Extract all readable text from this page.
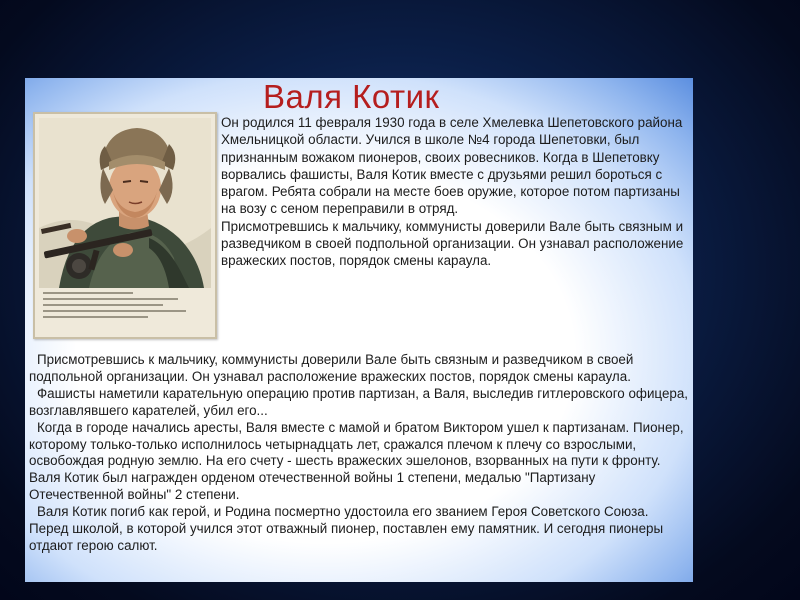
Валя Котик

Он родился 11 февраля 1930 года в селе Хмелевка Шепетовского района Хмельницкой области. Учился в школе №4 города Шепетовки, был признанным вожаком пионеров, своих ровесников. Когда в Шепетовку ворвались фашисты, Валя Котик вместе с друзьями решил бороться с врагом. Ребята собрали на месте боев оружие, которое потом партизаны на возу с сеном переправили в отряд.

Присмотревшись к мальчику, коммунисты доверили Вале быть связным и разведчиком в своей подпольной организации. Он узнавал расположение вражеских постов, порядок смены караула.

Присмотревшись к мальчику, коммунисты доверили Вале быть связным и разведчиком в своей подпольной организации. Он узнавал расположение вражеских постов, порядок смены караула.

Фашисты наметили карательную операцию против партизан, а Валя, выследив гитлеровского офицера, возглавлявшего карателей, убил его...

Когда в городе начались аресты, Валя вместе с мамой и братом Виктором ушел к партизанам. Пионер, которому только-только исполнилось четырнадцать лет, сражался плечом к плечу со взрослыми, освобождая родную землю. На его счету - шесть вражеских эшелонов, взорванных на пути к фронту. Валя Котик был награжден орденом отечественной войны 1 степени, медалью "Партизану Отечественной войны" 2 степени.

Валя Котик погиб как герой, и Родина посмертно удостоила его званием Героя Советского Союза. Перед школой, в которой учился этот отважный пионер, поставлен ему памятник. И сегодня пионеры отдают герою салют.
